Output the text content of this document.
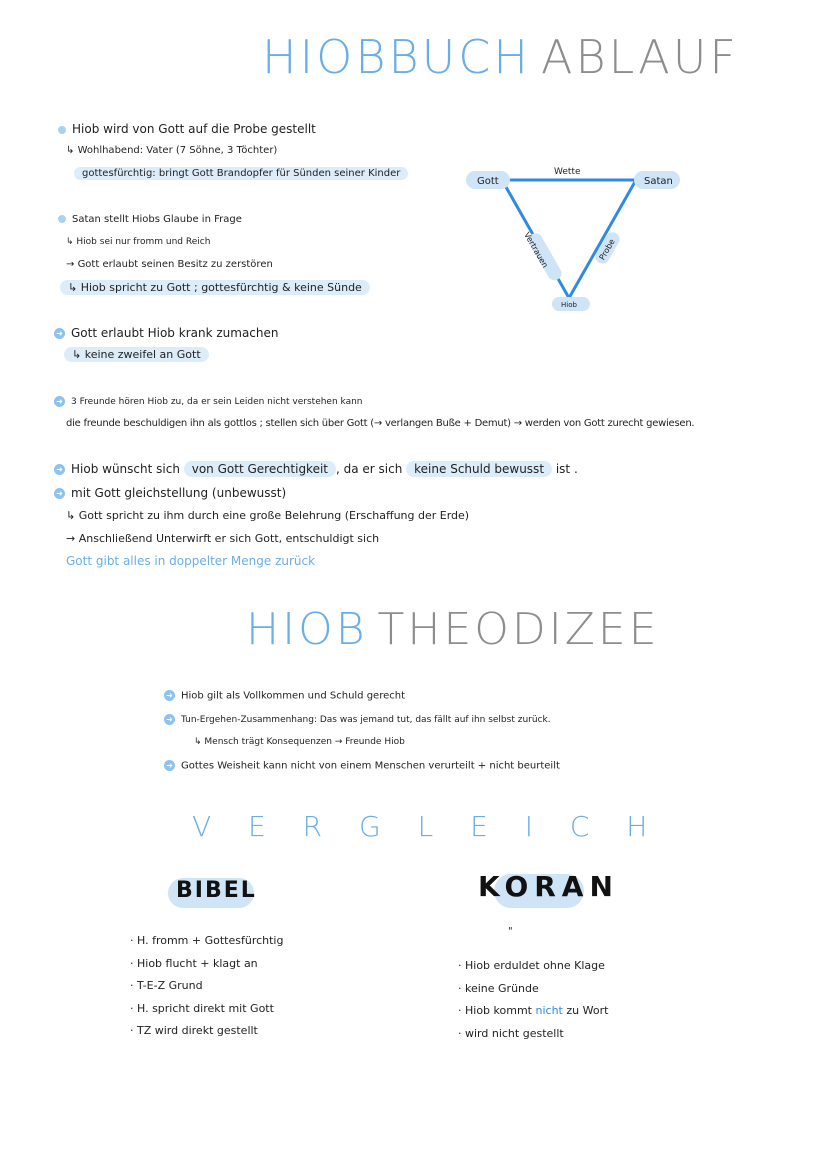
HIOBBUCH ABLAUF
Hiob wird von Gott auf die Probe gestellt
↳ Wohlhabend: Vater (7 Söhne, 3 Töchter)
gottesfürchtig: bringt Gott Brandopfer für Sünden seiner Kinder
Satan stellt Hiobs Glaube in Frage
↳ Hiob sei nur fromm und Reich
→ Gott erlaubt seinen Besitz zu zerstören
↳ Hiob spricht zu Gott ; gottesfürchtig & keine Sünde
➜ Gott erlaubt Hiob krank zumachen
↳ keine zweifel an Gott
➜ 3 Freunde hören Hiob zu, da er sein Leiden nicht verstehen kann
die freunde beschuldigen ihn als gottlos ; stellen sich über Gott (→ verlangen Buße + Demut) → werden von Gott zurecht gewiesen.
➜ Hiob wünscht sich von Gott Gerechtigkeit , da er sich keine Schuld bewusst ist .
➜ mit Gott gleichstellung (unbewusst)
↳ Gott spricht zu ihm durch eine große Belehrung (Erschaffung der Erde)
→ Anschließend Unterwirft er sich Gott, entschuldigt sich
Gott gibt alles in doppelter Menge zurück
Gott	Satan
Hiob
Wette
Vertrauen	Probe
HIOB THEODIZEE
➜ Hiob gilt als Vollkommen und Schuld gerecht
➜ Tun-Ergehen-Zusammenhang: Das was jemand tut, das fällt auf ihn selbst zurück.
↳ Mensch trägt Konsequenzen → Freunde Hiob
➜ Gottes Weisheit kann nicht von einem Menschen verurteilt + nicht beurteilt
V E R G L E I C H
BIBEL
· H. fromm + Gottesfürchtig
· Hiob flucht + klagt an
· T-E-Z Grund
· H. spricht direkt mit Gott
· TZ wird direkt gestellt
KORAN
"
· Hiob erduldet ohne Klage
· keine Gründe
· Hiob kommt nicht zu Wort
· wird nicht gestellt
